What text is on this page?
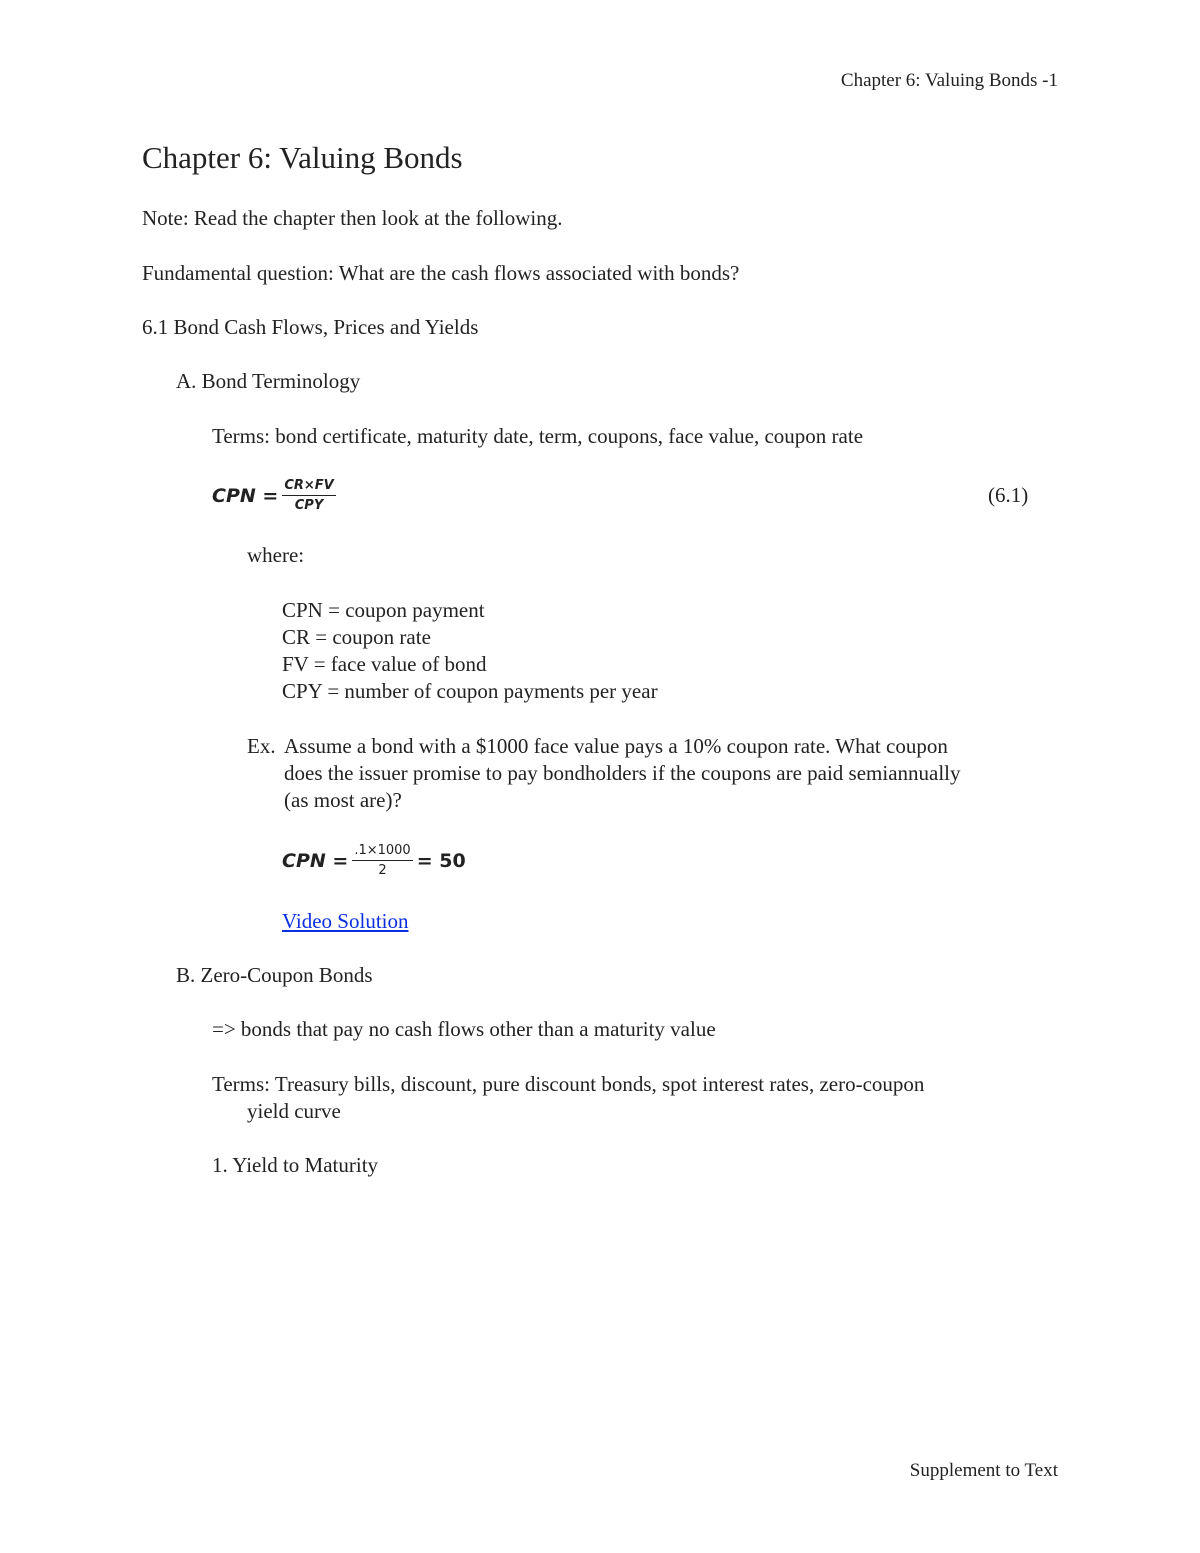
Chapter 6: Valuing Bonds -1
Chapter 6: Valuing Bonds
Note: Read the chapter then look at the following.
Fundamental question: What are the cash flows associated with bonds?
6.1 Bond Cash Flows, Prices and Yields
A. Bond Terminology
Terms: bond certificate, maturity date, term, coupons, face value, coupon rate
CPN = $\frac{CR\times FV}{\text{CPY}}$	(6.1)
where:
CPN = coupon payment
CR = coupon rate
FV = face value of bond
CPY = number of coupon payments per year
Ex. Assume a bond with a $1000 face value pays a 10% coupon rate. What coupon
does the issuer promise to pay bondholders if the coupons are paid semiannually
(as most are)?
CPN = $\frac{.1\times 1000}{2} = 50$
Video Solution
B. Zero-Coupon Bonds
=> bonds that pay no cash flows other than a maturity value
Terms: Treasury bills, discount, pure discount bonds, spot interest rates, zero-coupon
yield curve
1. Yield to Maturity
Supplement to Text
